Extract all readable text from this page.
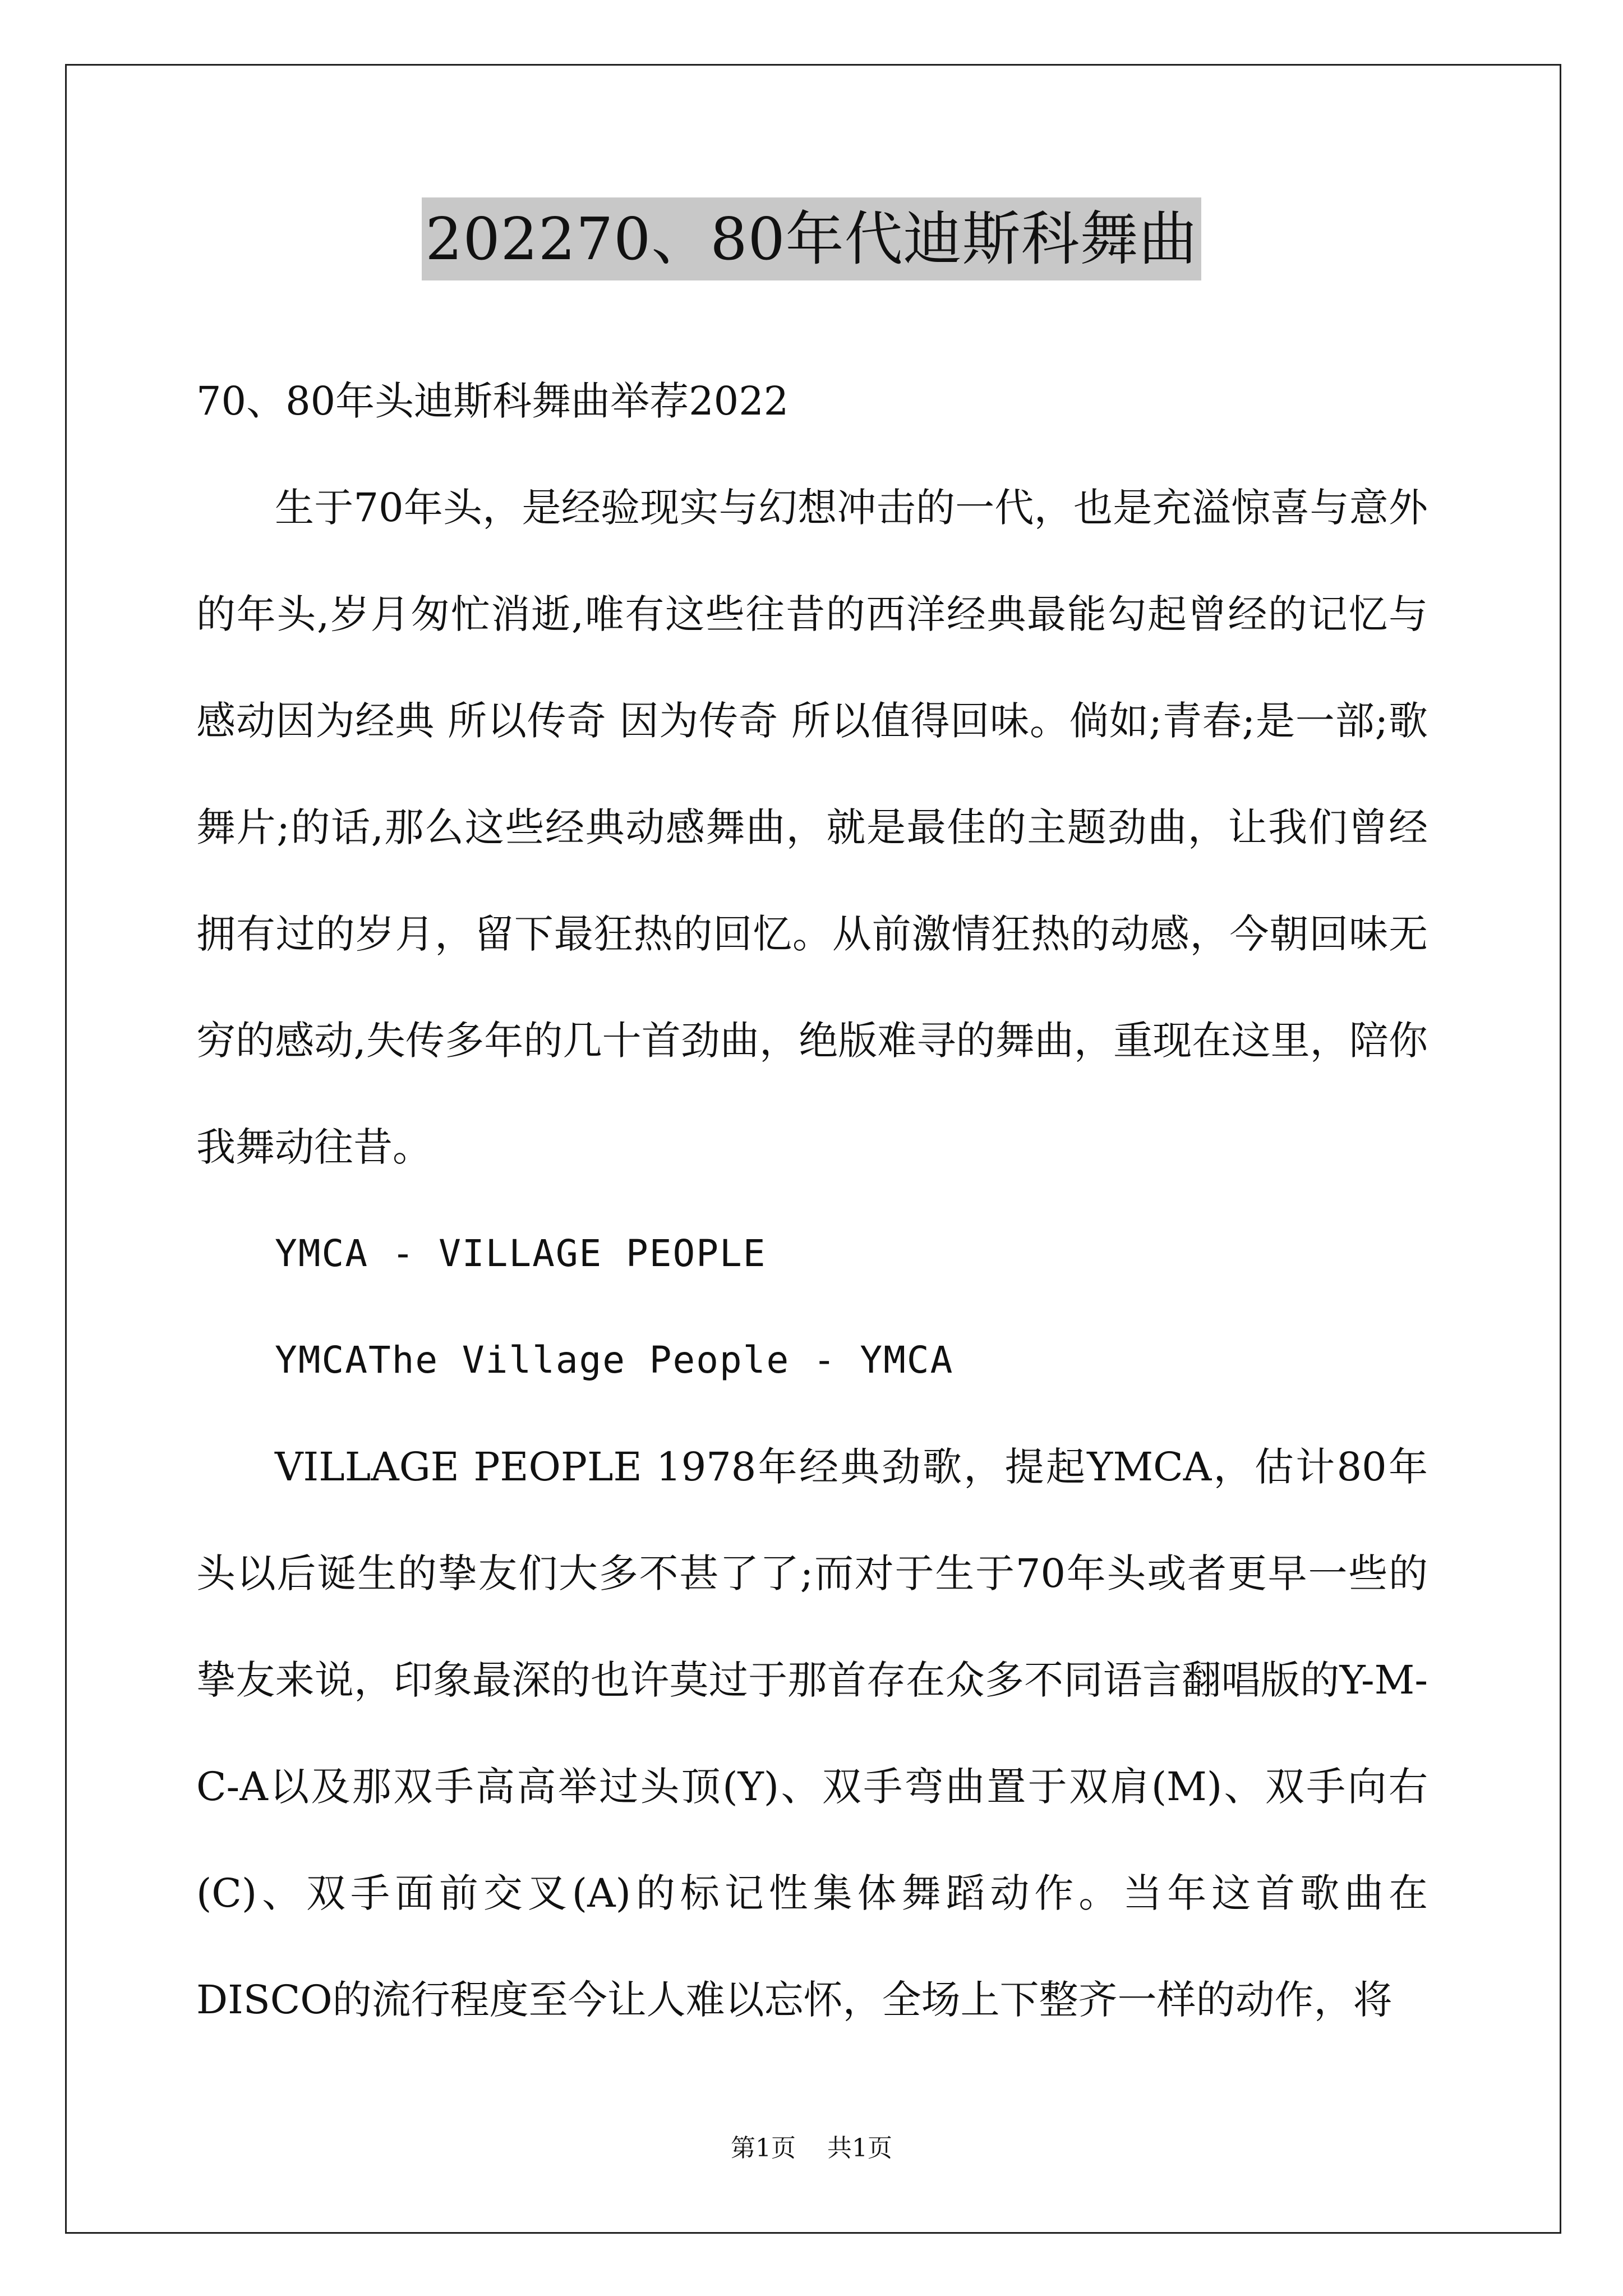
202270、80年代迪斯科舞曲

70、80年头迪斯科舞曲举荐2022

生于70年头，是经验现实与幻想冲击的一代，也是充溢惊喜与意外的年头,岁月匆忙消逝,唯有这些往昔的西洋经典最能勾起曾经的记忆与感动因为经典 所以传奇 因为传奇 所以值得回味。倘如;青春;是一部;歌舞片;的话,那么这些经典动感舞曲，就是最佳的主题劲曲，让我们曾经拥有过的岁月，留下最狂热的回忆。从前激情狂热的动感，今朝回味无穷的感动,失传多年的几十首劲曲，绝版难寻的舞曲，重现在这里，陪你我舞动往昔。

YMCA - VILLAGE PEOPLE

YMCAThe Village People - YMCA

VILLAGE PEOPLE 1978年经典劲歌，提起YMCA，估计80年头以后诞生的挚友们大多不甚了了;而对于生于70年头或者更早一些的挚友来说，印象最深的也许莫过于那首存在众多不同语言翻唱版的Y-M-C-A以及那双手高高举过头顶(Y)、双手弯曲置于双肩(M)、双手向右(C)、双手面前交叉(A)的标记性集体舞蹈动作。当年这首歌曲在DISCO的流行程度至今让人难以忘怀，全场上下整齐一样的动作，将

第1页 共1页
